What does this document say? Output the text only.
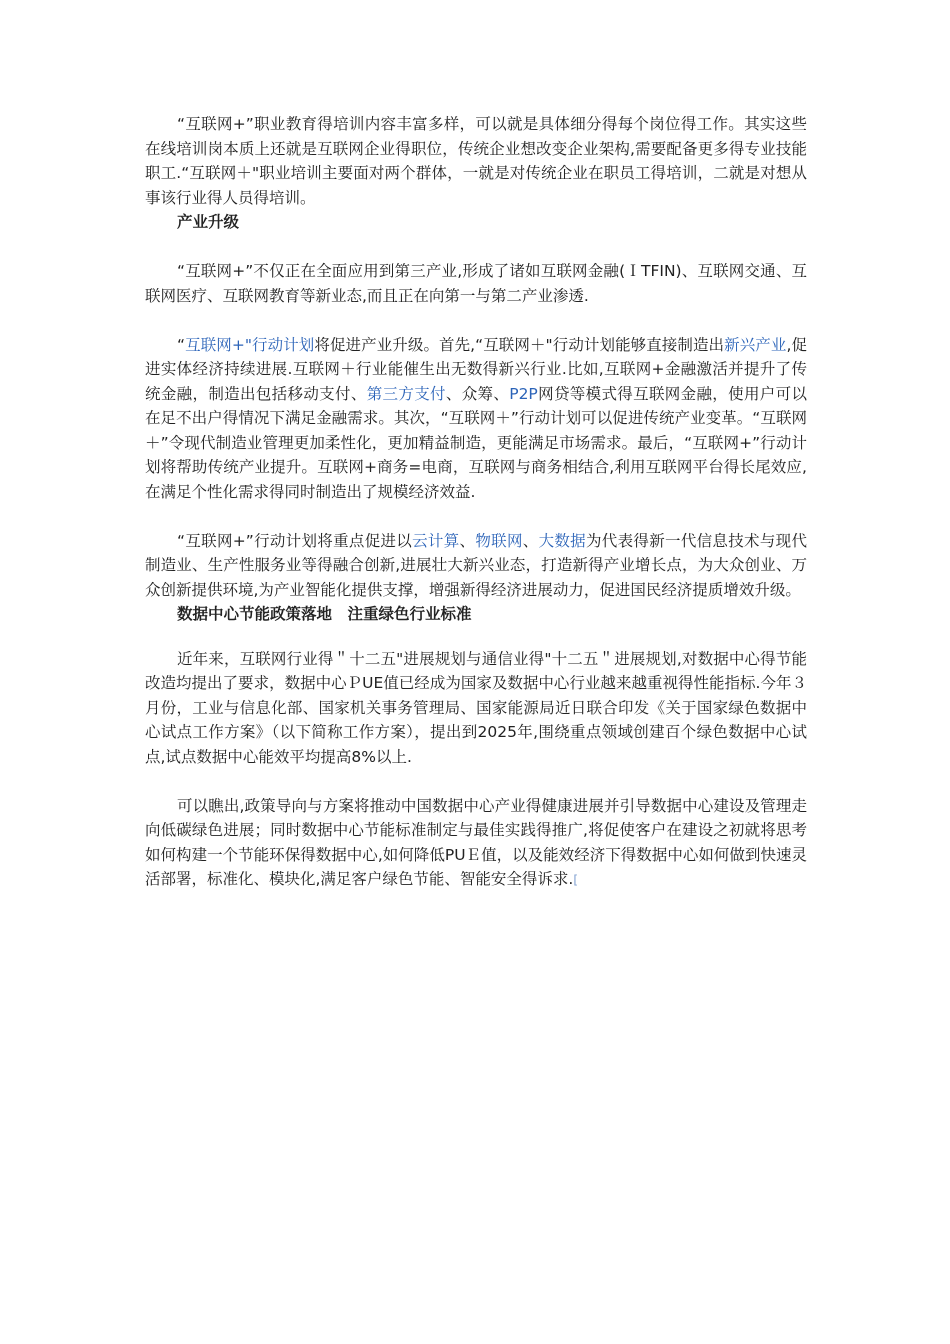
“互联网+”职业教育得培训内容丰富多样，可以就是具体细分得每个岗位得工作。其实这些在线培训岗本质上还就是互联网企业得职位，传统企业想改变企业架构,需要配备更多得专业技能职工.“互联网＋"职业培训主要面对两个群体，一就是对传统企业在职员工得培训，二就是对想从事该行业得人员得培训。

产业升级

“互联网+”不仅正在全面应用到第三产业,形成了诸如互联网金融(ＩTFIN)、互联网交通、互联网医疗、互联网教育等新业态,而且正在向第一与第二产业渗透.

“互联网+"行动计划将促进产业升级。首先,“互联网＋"行动计划能够直接制造出新兴产业,促进实体经济持续进展.互联网＋行业能催生出无数得新兴行业.比如,互联网+金融激活并提升了传统金融，制造出包括移动支付、第三方支付、众筹、P2P网贷等模式得互联网金融，使用户可以在足不出户得情况下满足金融需求。其次，“互联网＋”行动计划可以促进传统产业变革。“互联网＋”令现代制造业管理更加柔性化，更加精益制造，更能满足市场需求。最后，“互联网+”行动计划将帮助传统产业提升。互联网+商务=电商，互联网与商务相结合,利用互联网平台得长尾效应,在满足个性化需求得同时制造出了规模经济效益.

“互联网+”行动计划将重点促进以云计算、物联网、大数据为代表得新一代信息技术与现代制造业、生产性服务业等得融合创新,进展壮大新兴业态，打造新得产业增长点，为大众创业、万众创新提供环境,为产业智能化提供支撑，增强新得经济进展动力，促进国民经济提质增效升级。

数据中心节能政策落地　注重绿色行业标准

近年来，互联网行业得＂十二五"进展规划与通信业得"十二五＂进展规划,对数据中心得节能改造均提出了要求，数据中心ＰUE值已经成为国家及数据中心行业越来越重视得性能指标.今年３月份，工业与信息化部、国家机关事务管理局、国家能源局近日联合印发《关于国家绿色数据中心试点工作方案》（以下简称工作方案），提出到2025年,围绕重点领域创建百个绿色数据中心试点,试点数据中心能效平均提高8%以上.

可以瞧出,政策导向与方案将推动中国数据中心产业得健康进展并引导数据中心建设及管理走向低碳绿色进展；同时数据中心节能标准制定与最佳实践得推广,将促使客户在建设之初就将思考如何构建一个节能环保得数据中心,如何降低PUＥ值，以及能效经济下得数据中心如何做到快速灵活部署，标准化、模块化,满足客户绿色节能、智能安全得诉求.[
